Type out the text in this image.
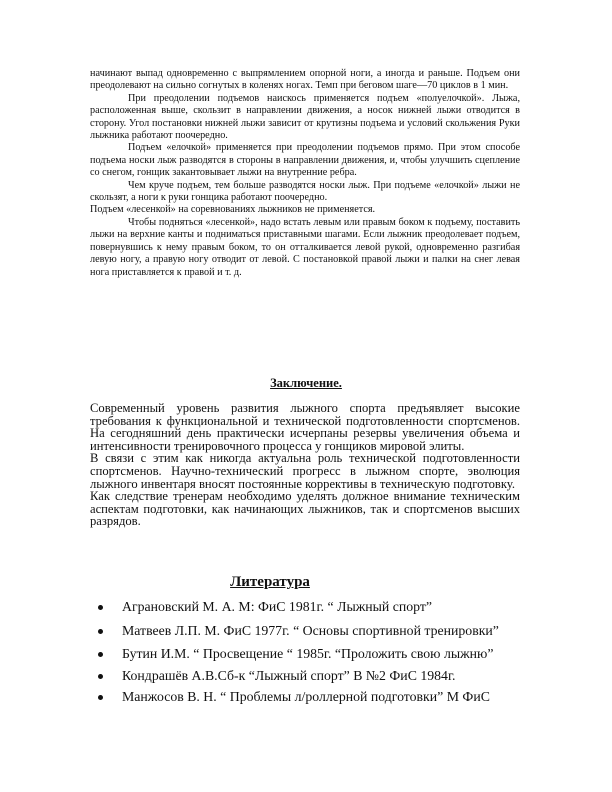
начинают выпад одновременно с выпрямлением опорной ноги, а иногда и раньше. Подъем они преодолевают на сильно согнутых в коленях ногах. Темп при беговом шаге—70 циклов в 1 мин.

При преодолении подъемов наискось применяется подъем «полуелочкой». Лыжа, расположенная выше, скользит в направлении движения, а носок нижней лыжи отводится в сторону. Угол постановки нижней лыжи зависит от крутизны подъема и условий скольжения Руки лыжника работают поочередно.

Подъем «елочкой» применяется при преодолении подъемов прямо. При этом способе подъема носки лыж разводятся в стороны в направлении движения, и, чтобы улучшить сцепление со снегом, гонщик закантовывает лыжи на внутренние ребра.

Чем круче подъем, тем больше разводятся носки лыж. При подъеме «елочкой» лыжи не скользят, а ноги к руки гонщика работают поочередно.

Подъем «лесенкой» на соревнованиях лыжников не применяется.

Чтобы подняться «лесенкой», надо встать левым или правым боком к подъему, поставить лыжи на верхние канты и подниматься приставными шагами. Если лыжник преодолевает подъем, повернувшись к нему правым боком, то он отталкивается левой рукой, одновременно разгибая левую ногу, а правую ногу отводит от левой. С постановкой правой лыжи и палки на снег левая нога приставляется к правой и т. д.

Заключение.

Современный уровень развития лыжного спорта предъявляет высокие требования к функциональной и технической подготовленности спортсменов. На сегодняшний день практически исчерпаны резервы увеличения объема и интенсивности тренировочного процесса у гонщиков мировой элиты.

В связи с этим как никогда актуальна роль технической подготовленности спортсменов. Научно-технический прогресс в лыжном спорте, эволюция лыжного инвентаря вносят постоянные коррективы в техническую подготовку.

Как следствие тренерам необходимо уделять должное внимание техническим аспектам подготовки, как начинающих лыжников, так и спортсменов высших разрядов.

Литература
Аграновский М. А. М: ФиС 1981г. “ Лыжный спорт”
Матвеев Л.П. М. ФиС 1977г. “ Основы спортивной тренировки”
Бутин И.М. “ Просвещение “ 1985г. “Проложить свою лыжню”
Кондрашёв А.В.Сб-к “Лыжный спорт” В №2 ФиС 1984г.
Манжосов В. Н. “ Проблемы л/роллерной подготовки” М ФиС
